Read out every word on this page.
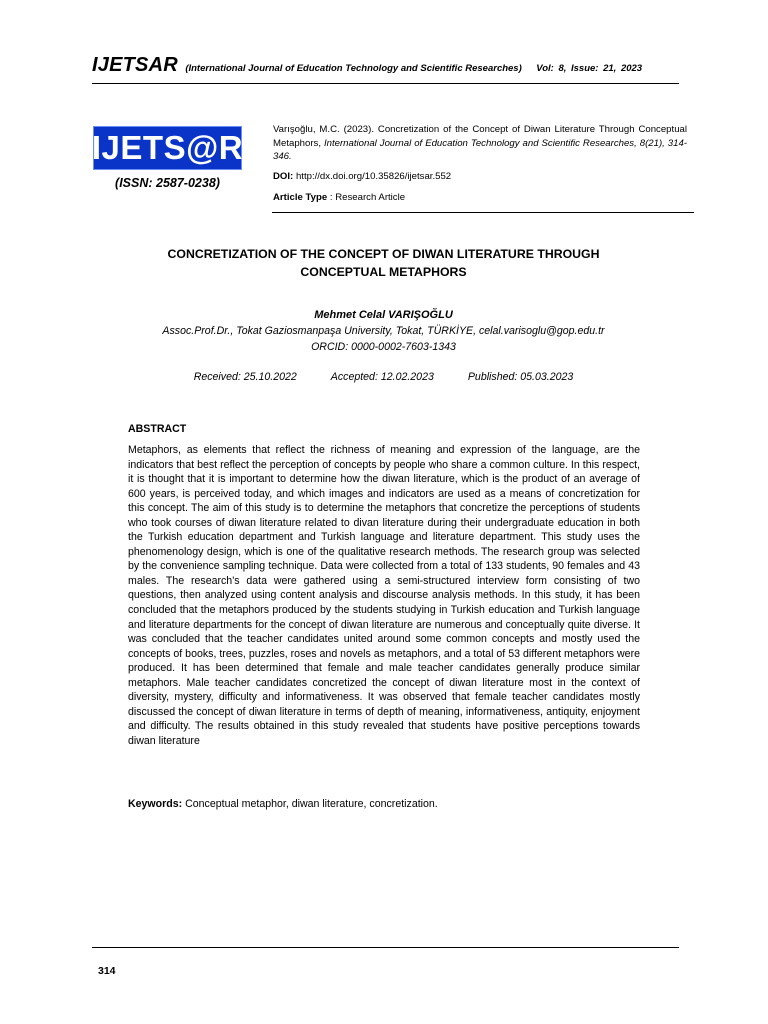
IJETSAR (International Journal of Education Technology and Scientific Researches) Vol: 8, Issue: 21, 2023
IJETS@R
(ISSN: 2587-0238)
Varışoğlu, M.C. (2023). Concretization of the Concept of Diwan Literature Through Conceptual Metaphors, International Journal of Education Technology and Scientific Researches, 8(21), 314-346.
DOI: http://dx.doi.org/10.35826/ijetsar.552
Article Type : Research Article
CONCRETIZATION OF THE CONCEPT OF DIWAN LITERATURE THROUGH
CONCEPTUAL METAPHORS
Mehmet Celal VARIŞOĞLU
Assoc.Prof.Dr., Tokat Gaziosmanpaşa University, Tokat, TÜRKİYE, celal.varisoglu@gop.edu.tr
ORCID: 0000-0002-7603-1343
Received: 25.10.2022	Accepted: 12.02.2023	Published: 05.03.2023
ABSTRACT

Metaphors, as elements that reflect the richness of meaning and expression of the language, are the indicators that best reflect the perception of concepts by people who share a common culture. In this respect, it is thought that it is important to determine how the diwan literature, which is the product of an average of 600 years, is perceived today, and which images and indicators are used as a means of concretization for this concept. The aim of this study is to determine the metaphors that concretize the perceptions of students who took courses of diwan literature related to divan literature during their undergraduate education in both the Turkish education department and Turkish language and literature department. This study uses the phenomenology design, which is one of the qualitative research methods. The research group was selected by the convenience sampling technique. Data were collected from a total of 133 students, 90 females and 43 males. The research's data were gathered using a semi-structured interview form consisting of two questions, then analyzed using content analysis and discourse analysis methods. In this study, it has been concluded that the metaphors produced by the students studying in Turkish education and Turkish language and literature departments for the concept of diwan literature are numerous and conceptually quite diverse. It was concluded that the teacher candidates united around some common concepts and mostly used the concepts of books, trees, puzzles, roses and novels as metaphors, and a total of 53 different metaphors were produced. It has been determined that female and male teacher candidates generally produce similar metaphors. Male teacher candidates concretized the concept of diwan literature most in the context of diversity, mystery, difficulty and informativeness. It was observed that female teacher candidates mostly discussed the concept of diwan literature in terms of depth of meaning, informativeness, antiquity, enjoyment and difficulty. The results obtained in this study revealed that students have positive perceptions towards diwan literature

Keywords: Conceptual metaphor, diwan literature, concretization.
314
